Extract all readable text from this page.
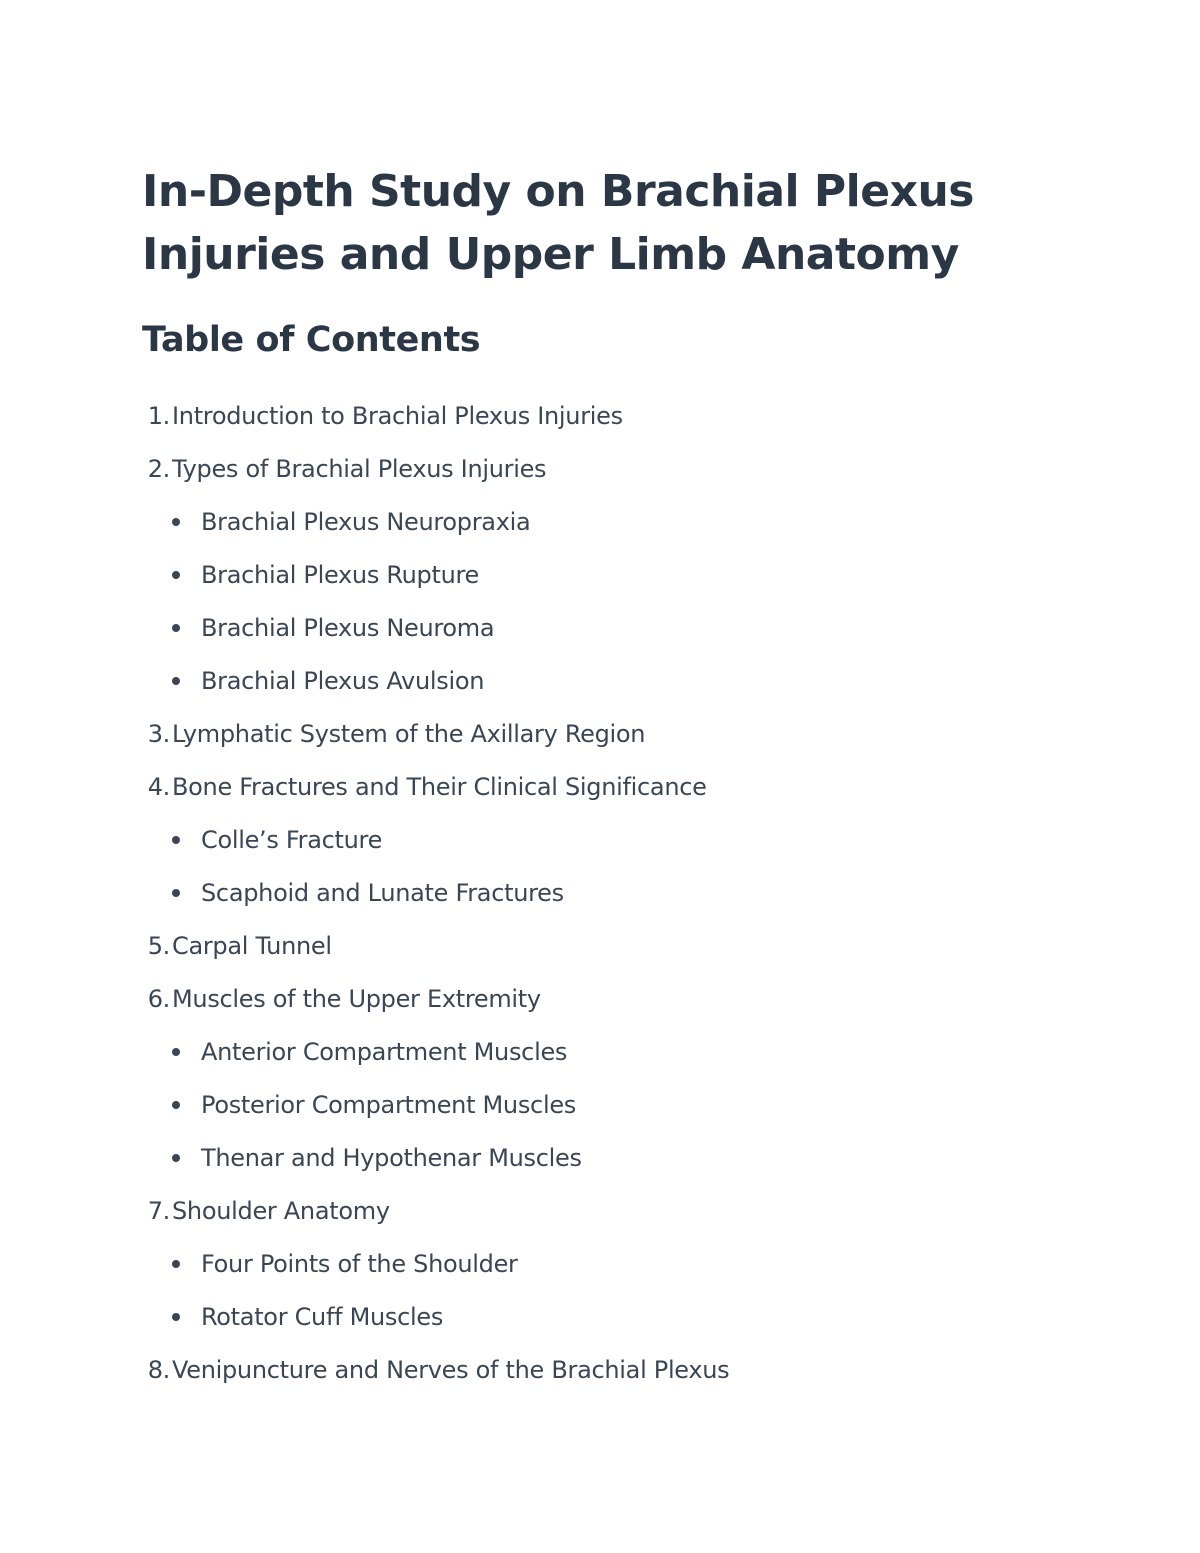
In-Depth Study on Brachial Plexus
Injuries and Upper Limb Anatomy
Table of Contents
1. Introduction to Brachial Plexus Injuries
2. Types of Brachial Plexus Injuries
Brachial Plexus Neuropraxia
Brachial Plexus Rupture
Brachial Plexus Neuroma
Brachial Plexus Avulsion
3. Lymphatic System of the Axillary Region
4. Bone Fractures and Their Clinical Significance
Colle’s Fracture
Scaphoid and Lunate Fractures
5. Carpal Tunnel
6. Muscles of the Upper Extremity
Anterior Compartment Muscles
Posterior Compartment Muscles
Thenar and Hypothenar Muscles
7. Shoulder Anatomy
Four Points of the Shoulder
Rotator Cuff Muscles
8. Venipuncture and Nerves of the Brachial Plexus
